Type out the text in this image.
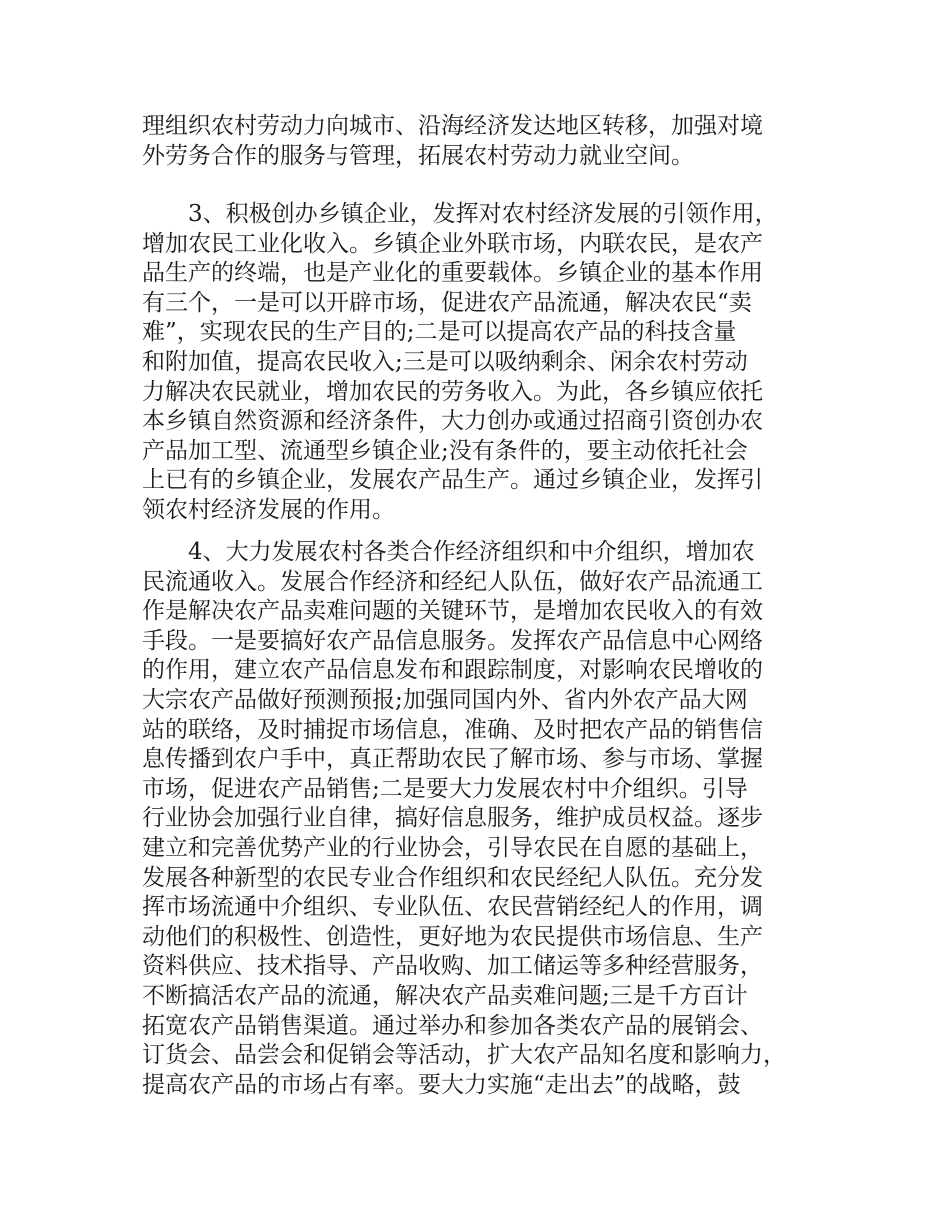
理组织农村劳动力向城市、沿海经济发达地区转移，加强对境
外劳务合作的服务与管理，拓展农村劳动力就业空间。
3、积极创办乡镇企业，发挥对农村经济发展的引领作用，
增加农民工业化收入。乡镇企业外联市场，内联农民，是农产
品生产的终端，也是产业化的重要载体。乡镇企业的基本作用
有三个，一是可以开辟市场，促进农产品流通，解决农民“卖
难”，实现农民的生产目的;二是可以提高农产品的科技含量
和附加值，提高农民收入;三是可以吸纳剩余、闲余农村劳动
力解决农民就业，增加农民的劳务收入。为此，各乡镇应依托
本乡镇自然资源和经济条件，大力创办或通过招商引资创办农
产品加工型、流通型乡镇企业;没有条件的，要主动依托社会
上已有的乡镇企业，发展农产品生产。通过乡镇企业，发挥引
领农村经济发展的作用。
4、大力发展农村各类合作经济组织和中介组织，增加农
民流通收入。发展合作经济和经纪人队伍，做好农产品流通工
作是解决农产品卖难问题的关键环节，是增加农民收入的有效
手段。一是要搞好农产品信息服务。发挥农产品信息中心网络
的作用，建立农产品信息发布和跟踪制度，对影响农民增收的
大宗农产品做好预测预报;加强同国内外、省内外农产品大网
站的联络，及时捕捉市场信息，准确、及时把农产品的销售信
息传播到农户手中，真正帮助农民了解市场、参与市场、掌握
市场，促进农产品销售;二是要大力发展农村中介组织。引导
行业协会加强行业自律，搞好信息服务，维护成员权益。逐步
建立和完善优势产业的行业协会，引导农民在自愿的基础上，
发展各种新型的农民专业合作组织和农民经纪人队伍。充分发
挥市场流通中介组织、专业队伍、农民营销经纪人的作用，调
动他们的积极性、创造性，更好地为农民提供市场信息、生产
资料供应、技术指导、产品收购、加工储运等多种经营服务，
不断搞活农产品的流通，解决农产品卖难问题;三是千方百计
拓宽农产品销售渠道。通过举办和参加各类农产品的展销会、
订货会、品尝会和促销会等活动，扩大农产品知名度和影响力，
提高农产品的市场占有率。要大力实施“走出去”的战略，鼓
